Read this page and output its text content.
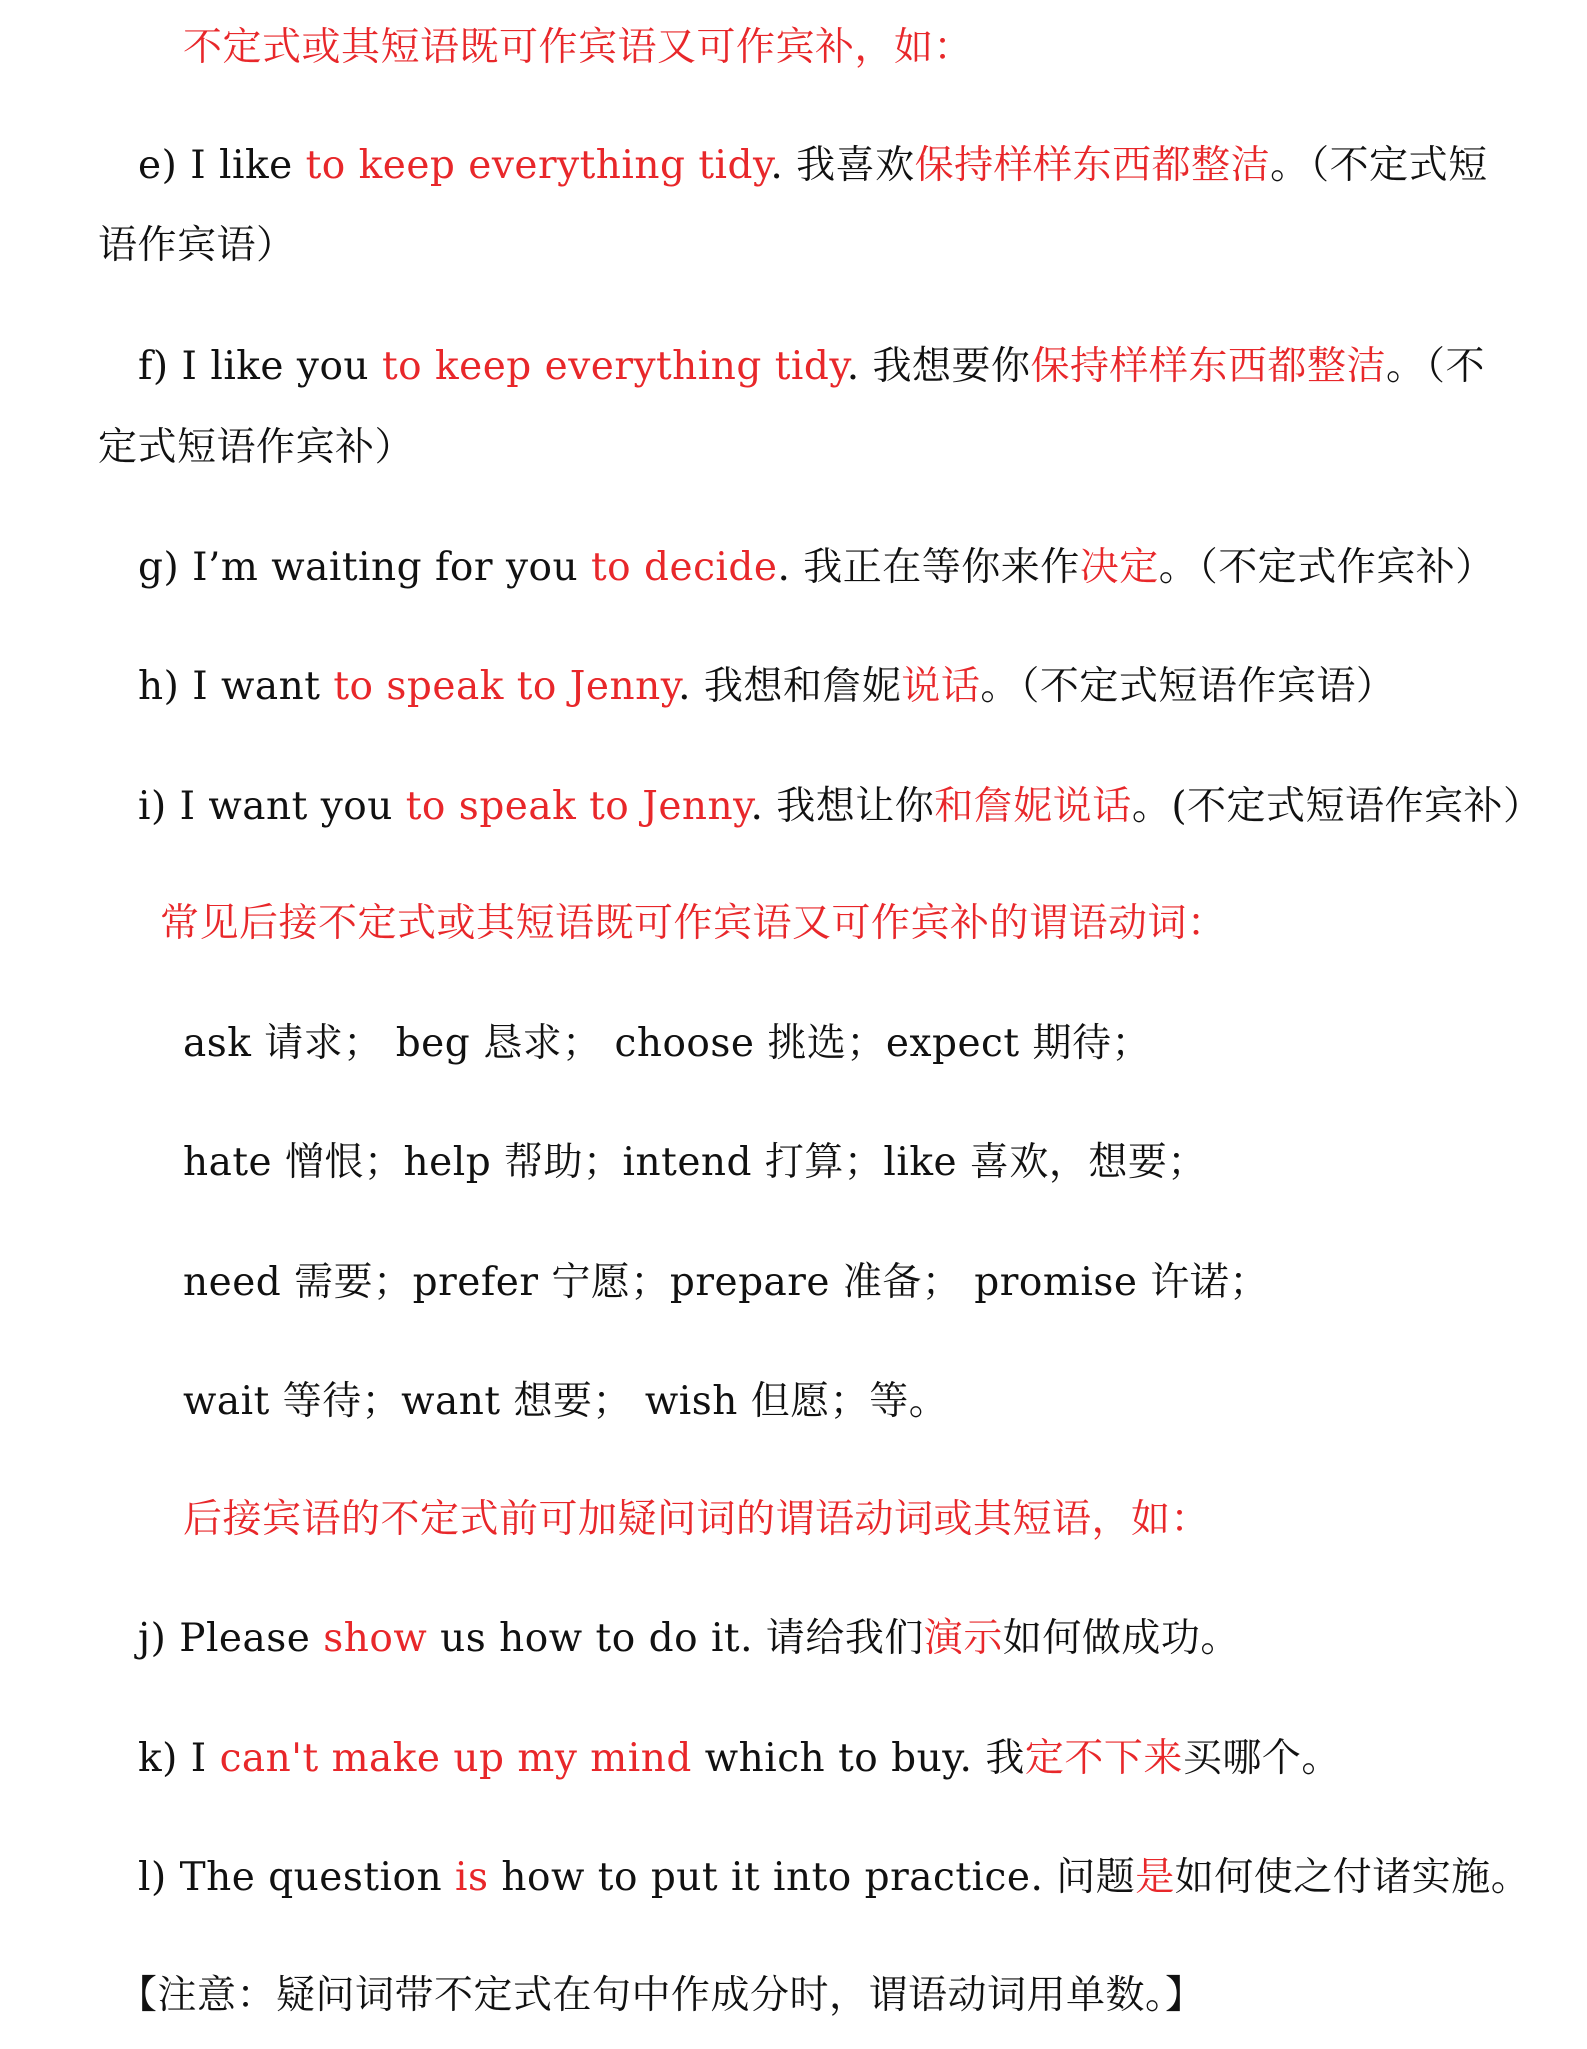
不定式或其短语既可作宾语又可作宾补，如：

e) I like to keep everything tidy. 我喜欢保持样样东西都整洁。（不定式短

语作宾语）

f) I like you to keep everything tidy. 我想要你保持样样东西都整洁。（不

定式短语作宾补）

g) I’m waiting for you to decide. 我正在等你来作决定。（不定式作宾补）

h) I want to speak to Jenny. 我想和詹妮说话。（不定式短语作宾语）

i) I want you to speak to Jenny. 我想让你和詹妮说话。(不定式短语作宾补）

常见后接不定式或其短语既可作宾语又可作宾补的谓语动词：

ask 请求； beg 恳求； choose 挑选；expect 期待；

hate 憎恨；help 帮助；intend 打算；like 喜欢，想要；

need 需要；prefer 宁愿；prepare 准备； promise 许诺；

wait 等待；want 想要； wish 但愿；等。

后接宾语的不定式前可加疑问词的谓语动词或其短语，如：

j) Please show us how to do it. 请给我们演示如何做成功。

k) I can't make up my mind which to buy. 我定不下来买哪个。

l) The question is how to put it into practice. 问题是如何使之付诸实施。

【注意：疑问词带不定式在句中作成分时，谓语动词用单数。】
